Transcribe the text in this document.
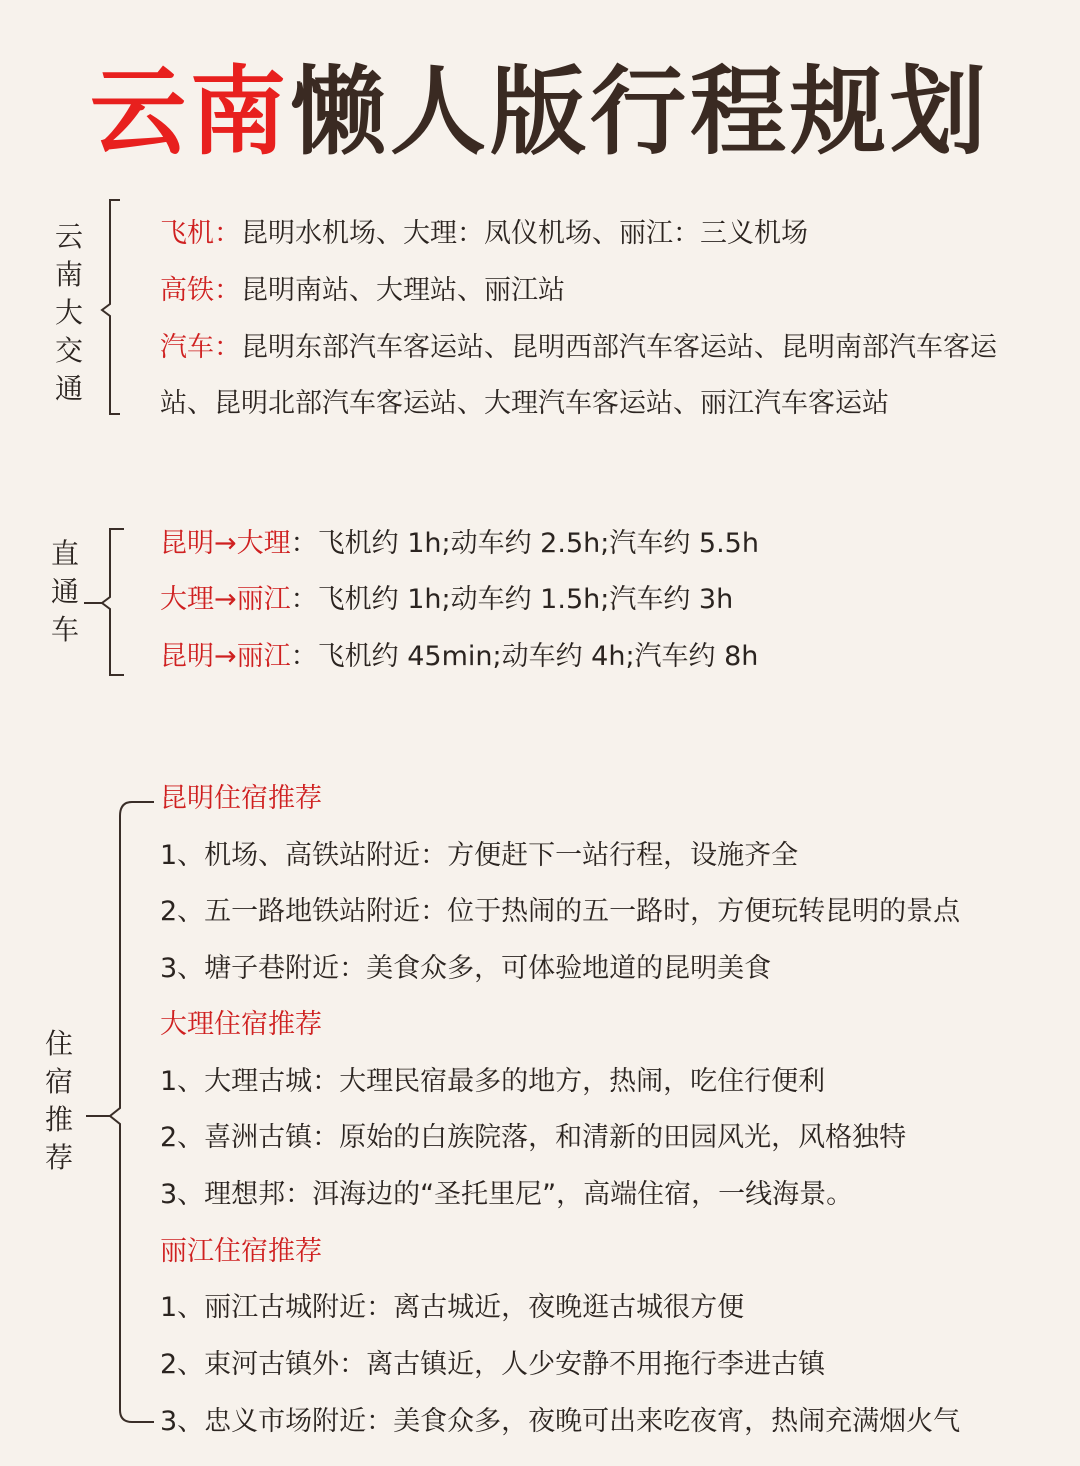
云南懒人版行程规划
云
南
大
交
通
飞机：昆明水机场、大理：凤仪机场、丽江：三义机场
高铁：昆明南站、大理站、丽江站
汽车：昆明东部汽车客运站、昆明西部汽车客运站、昆明南部汽车客运
站、昆明北部汽车客运站、大理汽车客运站、丽江汽车客运站
直
通
车
昆明→大理：飞机约 1h;动车约 2.5h;汽车约 5.5h
大理→丽江：飞机约 1h;动车约 1.5h;汽车约 3h
昆明→丽江：飞机约 45min;动车约 4h;汽车约 8h
住
宿
推
荐
昆明住宿推荐
1、机场、高铁站附近：方便赶下一站行程，设施齐全
2、五一路地铁站附近：位于热闹的五一路时，方便玩转昆明的景点
3、塘子巷附近：美食众多，可体验地道的昆明美食
大理住宿推荐
1、大理古城：大理民宿最多的地方，热闹，吃住行便利
2、喜洲古镇：原始的白族院落，和清新的田园风光，风格独特
3、理想邦：洱海边的“圣托里尼”，高端住宿，一线海景。
丽江住宿推荐
1、丽江古城附近：离古城近，夜晚逛古城很方便
2、束河古镇外：离古镇近，人少安静不用拖行李进古镇
3、忠义市场附近：美食众多，夜晚可出来吃夜宵，热闹充满烟火气
